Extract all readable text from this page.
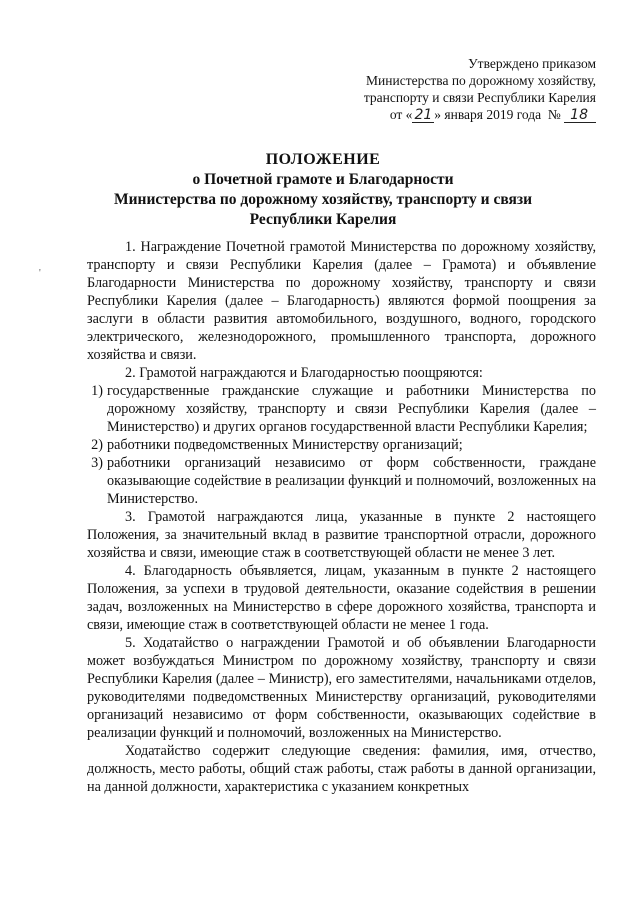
Утверждено приказом
Министерства по дорожному хозяйству,
транспорту и связи Республики Карелия
от « 21 » января 2019 года № 18
ПОЛОЖЕНИЕ
о Почетной грамоте и Благодарности
Министерства по дорожному хозяйству, транспорту и связи
Республики Карелия
'

1. Награждение Почетной грамотой Министерства по дорожному хозяйству, транспорту и связи Республики Карелия (далее – Грамота) и объявление Благодарности Министерства по дорожному хозяйству, транспорту и связи Республики Карелия (далее – Благодарность) являются формой поощрения за заслуги в области развития автомобильного, воздушного, водного, городского электрического, железнодорожного, промышленного транспорта, дорожного хозяйства и связи.

2. Грамотой награждаются и Благодарностью поощряются:

1) государственные гражданские служащие и работники Министерства по дорожному хозяйству, транспорту и связи Республики Карелия (далее – Министерство) и других органов государственной власти Республики Карелия;
2) работники подведомственных Министерству организаций;
3) работники организаций независимо от форм собственности, граждане оказывающие содействие в реализации функций и полномочий, возложенных на Министерство.

3. Грамотой награждаются лица, указанные в пункте 2 настоящего Положения, за значительный вклад в развитие транспортной отрасли, дорожного хозяйства и связи, имеющие стаж в соответствующей области не менее 3 лет.

4. Благодарность объявляется, лицам, указанным в пункте 2 настоящего Положения, за успехи в трудовой деятельности, оказание содействия в решении задач, возложенных на Министерство в сфере дорожного хозяйства, транспорта и связи, имеющие стаж в соответствующей области не менее 1 года.

5. Ходатайство о награждении Грамотой и об объявлении Благодарности может возбуждаться Министром по дорожному хозяйству, транспорту и связи Республики Карелия (далее – Министр), его заместителями, начальниками отделов, руководителями подведомственных Министерству организаций, руководителями организаций независимо от форм собственности, оказывающих содействие в реализации функций и полномочий, возложенных на Министерство.

Ходатайство содержит следующие сведения: фамилия, имя, отчество, должность, место работы, общий стаж работы, стаж работы в данной организации, на данной должности, характеристика с указанием конкретных
